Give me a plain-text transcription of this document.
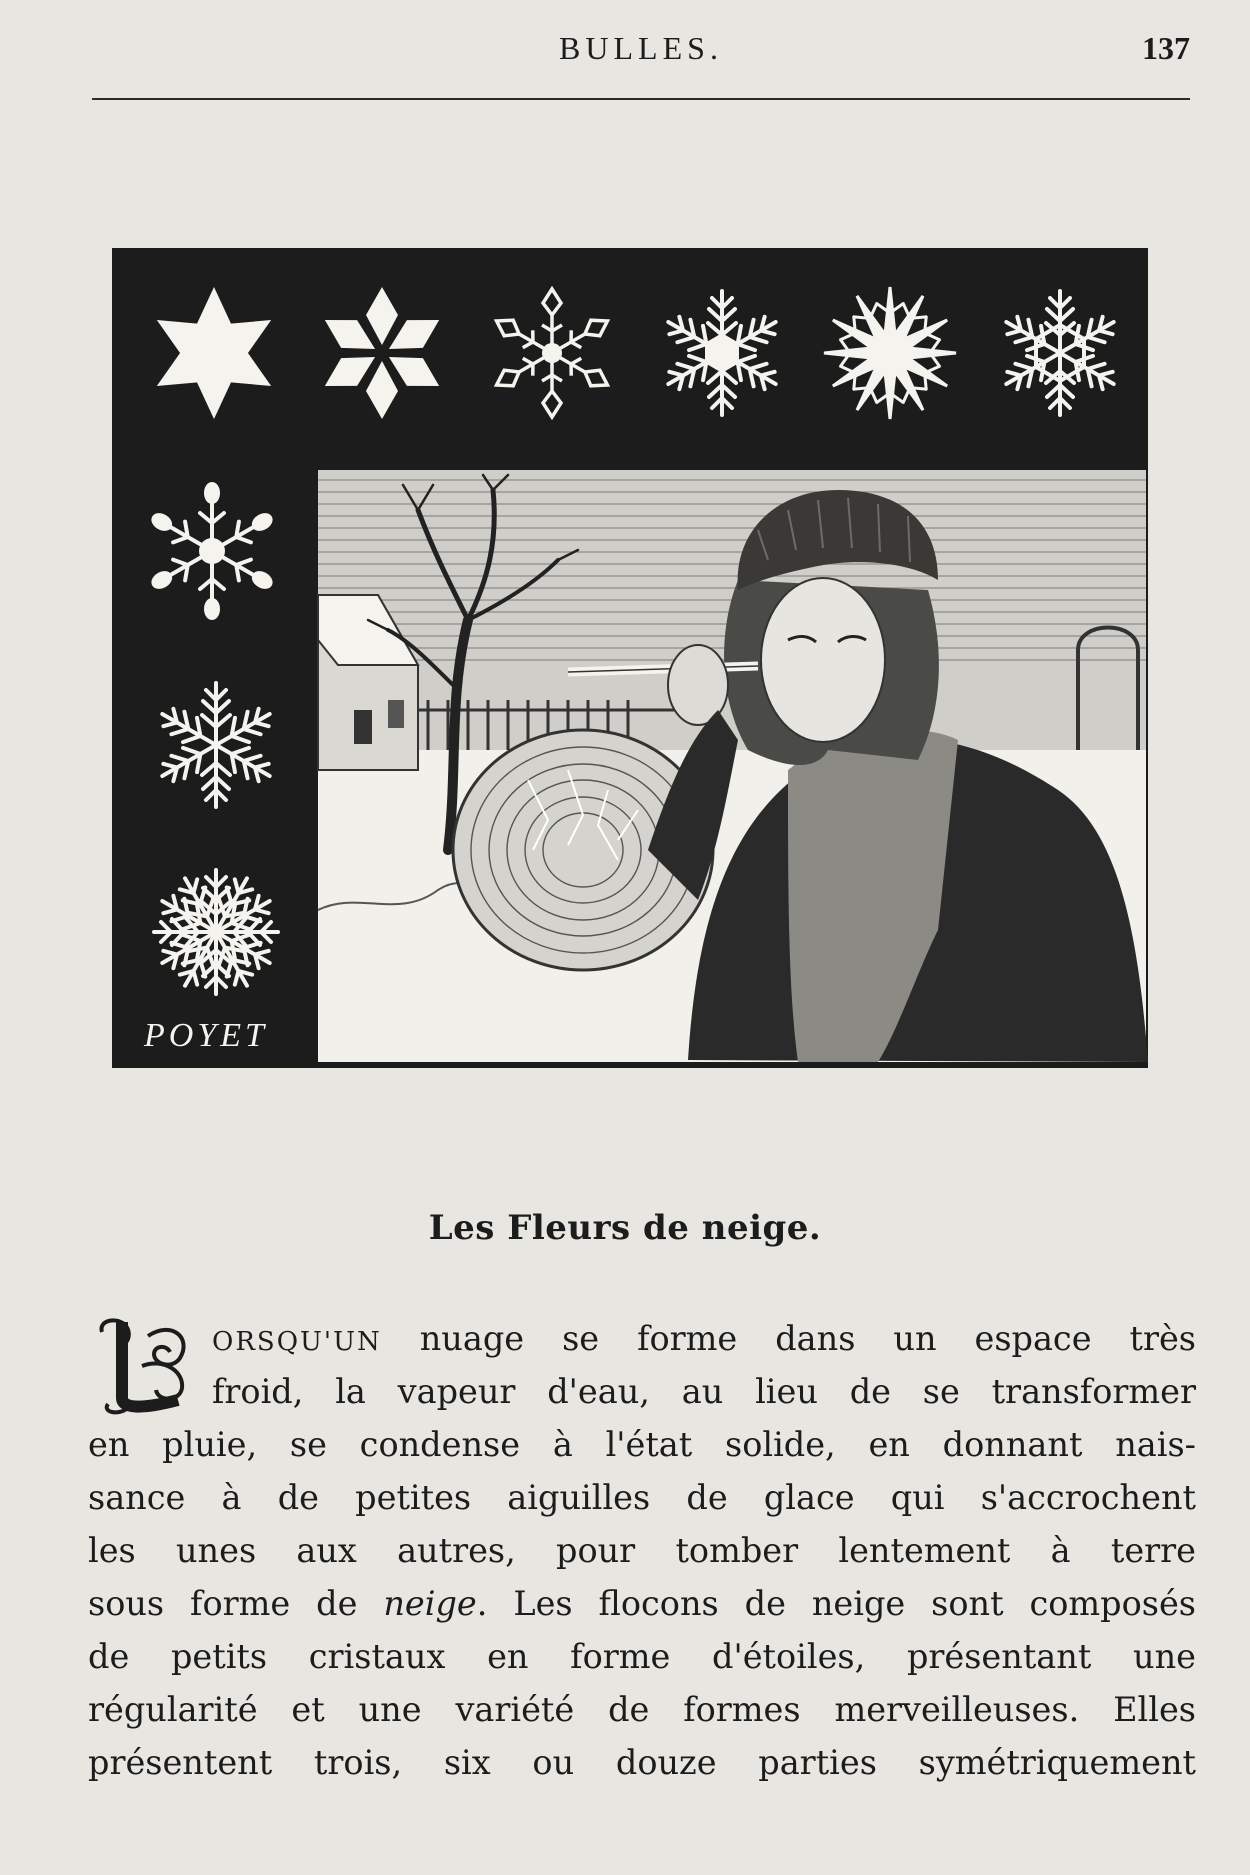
BULLES.	137
POYET
Les Fleurs de neige.
ORSQU'UN nuage se forme dans un espace très
froid, la vapeur d'eau, au lieu de se transformer
en pluie, se condense à l'état solide, en donnant nais-
sance à de petites aiguilles de glace qui s'accrochent
les unes aux autres, pour tomber lentement à terre
sous forme de neige. Les flocons de neige sont composés
de petits cristaux en forme d'étoiles, présentant une
régularité et une variété de formes merveilleuses. Elles
présentent trois, six ou douze parties symétriquement
